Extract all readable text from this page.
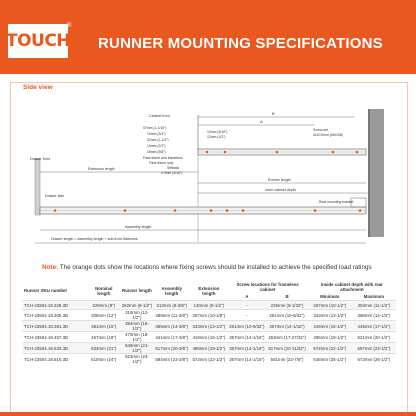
TOUCH
®
RUNNER MOUNTING SPECIFICATIONS
Side view
Cabinet front
57mm (1-1/16")
19mm (3/4")
32mm (1-1/4")
13mm (1/2")
16mm (5/8")
Face frame and frameless
Face frame only
Setback
4.3mm (3/16")
10mm (3/16")
12mm (1/2")
A
B
Screw set
4x10.5mm (#6X3/8)
Drawer front
Extension length
Runner length
Drawer side
Inner cabinet depth
Rear mounting bracket
Assembly length
Drawer length = assembly length + sub-front thickness
Note: The orange dots show the locations where fixing screws should be installed to achieve the specified load ratings
Runner SKU number	Nominal length	Runner length	Assembly length	Extension length	Screw locations for frameless cabinet		Inside cabinet depth with rear attachment	
					A	B	Minimum	Maximum
TCH-23504.19.229.3D	229mm (9")	262mm (9-1/2")	213mm (8-3/8")	140mm (5-1/2")	-	229mm (9-1/32")	267mm (10-1/2")	292mm (11-1/2")
TCH-23504.19.305.3D	305mm (12")	318mm (12-1/2")	289mm (11-3/8")	257mm (10-1/8")	-	261mm (10-9/32")	343mm (13-1/2")	368mm (14-1/2")
TCH-23504.19.381.3D	381mm (15")	394mm (15-1/2")	365mm (14-3/8")	343mm (13-1/2")	261mm (10-9/32")	357mm (14-1/16")	419mm (16-1/2")	445mm (17-1/2")
TCH-23504.19.457.3D	457mm (18")	470mm (18-1/2")	441mm (17-3/8")	419mm (16-1/2")	357mm (14-1/16")	453mm (17-27/32")	495mm (19-1/2")	521mm (20-1/2")
TCH-23504.19.533.3D	533mm (21")	546mm (21-1/2")	517mm (20-3/8")	495mm (19-1/2")	357mm (14-1/16")	517mm (20-11/32")	572mm (22-1/2")	597mm (23-1/2")
TCH-23504.19.610.3D	610mm (24")	623mm (24-1/2")	594mm (23-3/8")	572mm (22-1/2")	357mm (14-1/16")	581mm (22-7/8")	648mm (25-1/2")	673mm (26-1/2")
